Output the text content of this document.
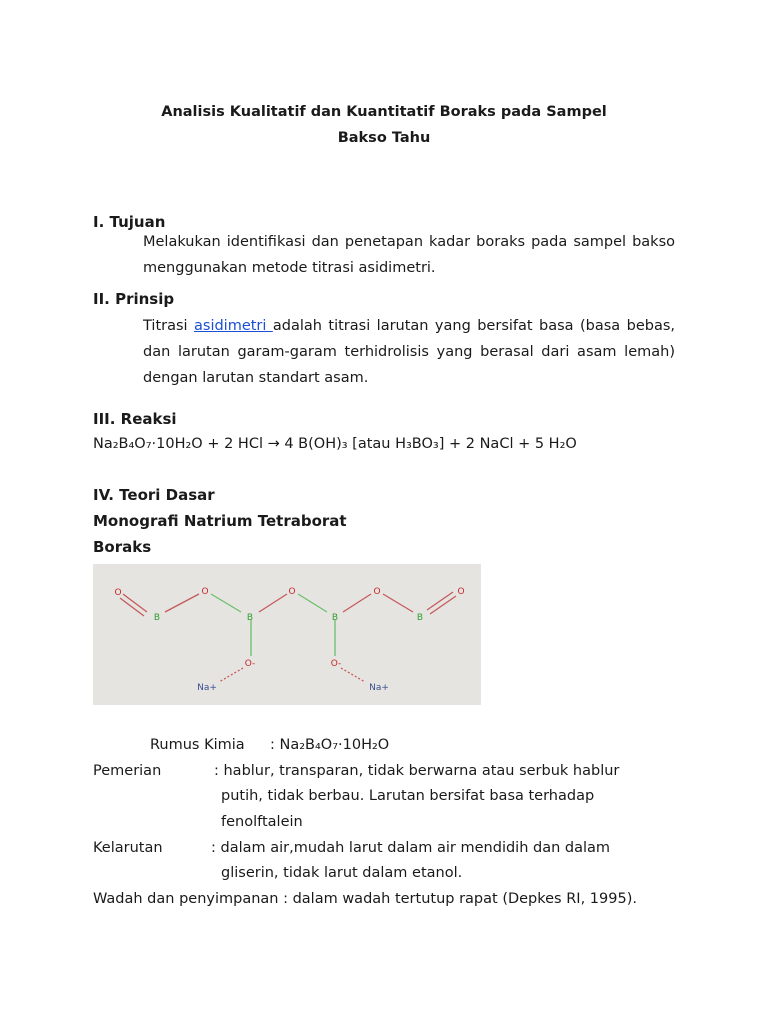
Analisis Kualitatif dan Kuantitatif Boraks pada Sampel
Bakso Tahu
I. Tujuan
Melakukan identifikasi dan penetapan kadar boraks pada sampel bakso menggunakan metode titrasi asidimetri.
II. Prinsip
Titrasi asidimetri adalah titrasi larutan yang bersifat basa (basa bebas, dan larutan garam-garam terhidrolisis yang berasal dari asam lemah) dengan larutan standart asam.
III. Reaksi
Na₂B₄O₇·10H₂O + 2 HCl → 4 B(OH)₃ [atau H₃BO₃] + 2 NaCl + 5 H₂O
IV. Teori Dasar
Monografi Natrium Tetraborat
Boraks
O	O	O	O	O
B	B	B	B
O-	O-
Na+	Na+
Rumus Kimia : Na₂B₄O₇·10H₂O
Pemerian	: hablur, transparan, tidak berwarna atau serbuk hablur
putih, tidak berbau. Larutan bersifat basa terhadap
fenolftalein
Kelarutan	: dalam air,mudah larut dalam air mendidih dan dalam
gliserin, tidak larut dalam etanol.
Wadah dan penyimpanan : dalam wadah tertutup rapat (Depkes RI, 1995).
